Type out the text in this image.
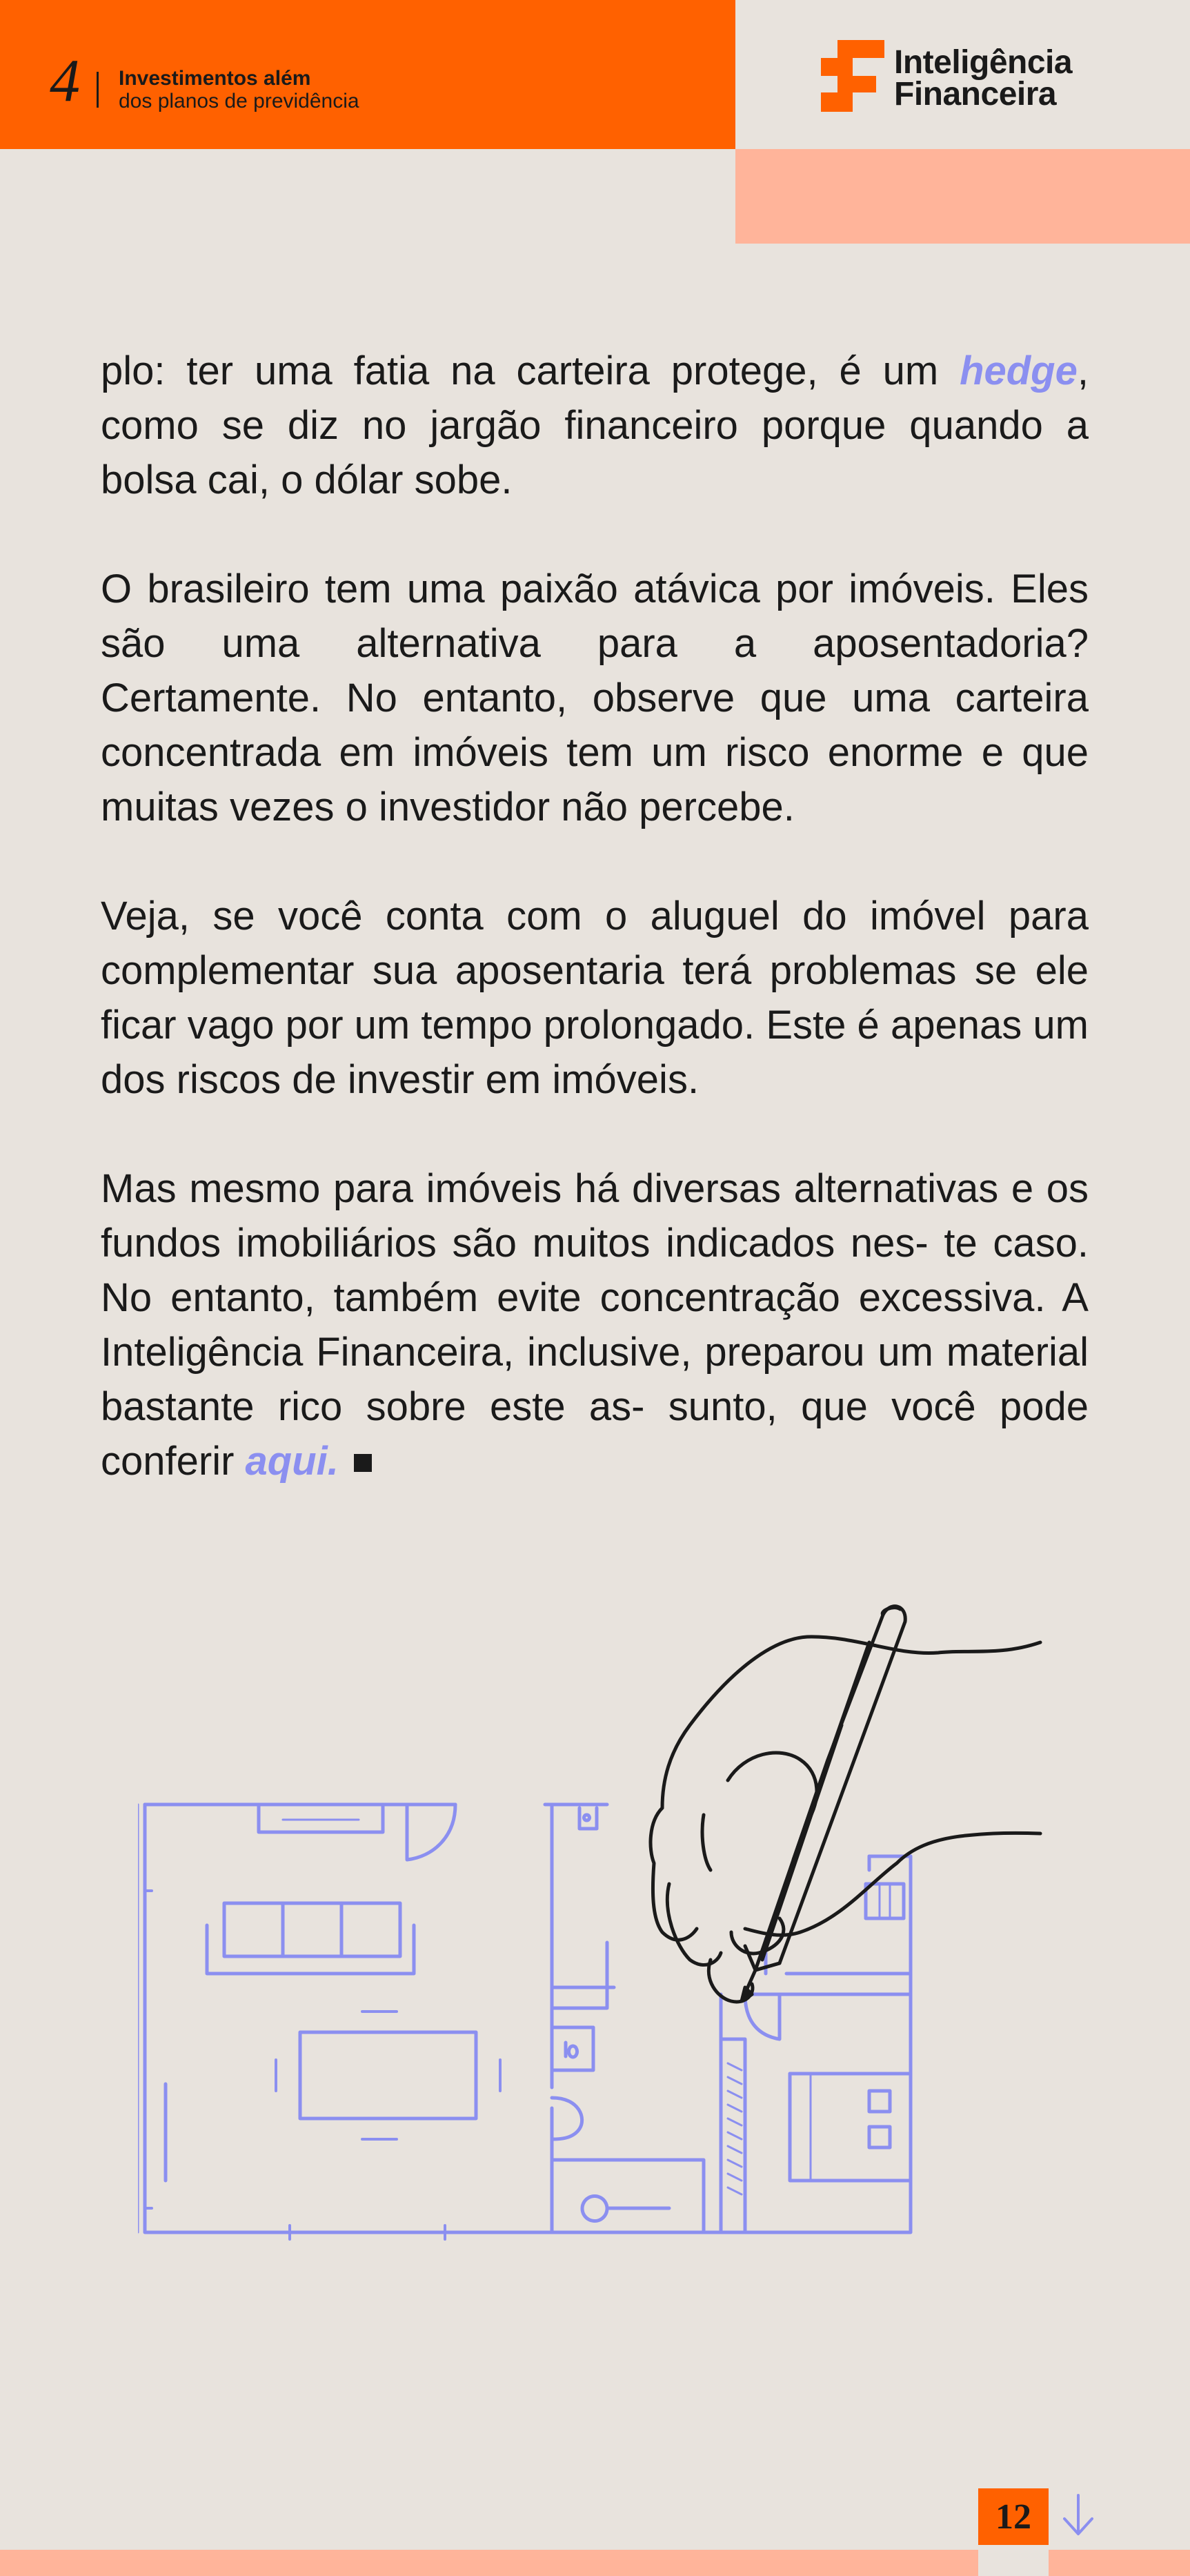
4 Investimentos além
dos planos de previdência
Inteligência
Financeira

plo: ter uma fatia na carteira protege, é um hedge, como se diz no jargão financeiro porque quando a bolsa cai, o dólar sobe.

O brasileiro tem uma paixão atávica por imóveis. Eles são uma alternativa para a aposentadoria? Certamente. No entanto, observe que uma carteira concentrada em imóveis tem um risco enorme e que muitas vezes o investidor não percebe.

Veja, se você conta com o aluguel do imóvel para complementar sua aposentaria terá problemas se ele ficar vago por um tempo prolongado. Este é apenas um dos riscos de investir em imóveis.

Mas mesmo para imóveis há diversas alternativas e os fundos imobiliários são muitos indicados nes- te caso. No entanto, também evite concentração excessiva. A Inteligência Financeira, inclusive, preparou um material bastante rico sobre este as- sunto, que você pode conferir aqui.

12
